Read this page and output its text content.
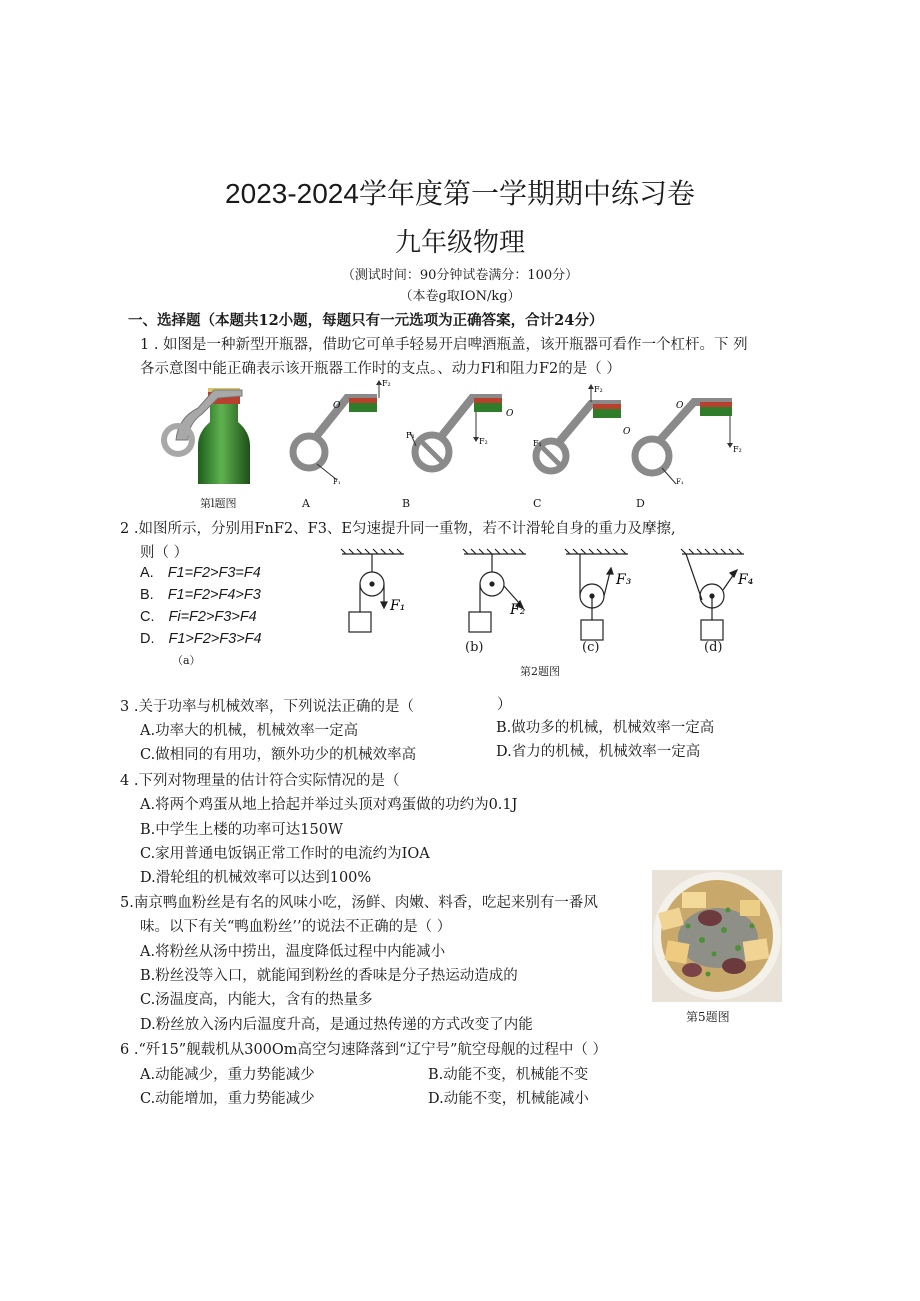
2023-2024学年度第一学期期中练习卷
九年级物理
（测试时间：90分钟试卷满分：100分）
（本卷g取ION/kg）
一、选择题（本题共12小题，每题只有一元选项为正确答案，合计24分）
1 . 如图是一种新型开瓶器，借助它可单手轻易开启啤酒瓶盖，该开瓶器可看作一个杠杆。下 列
各示意图中能正确表示该开瓶器工作时的支点。、动力Fl和阻力F2的是（ ）
第l题图
F₂
O
F₁
A
F₂
F₁
O
B
F₂
F₁
O
C
F₂
F₁
O
D
2 .如图所示，分别用FnF2、F3、E匀速提升同一重物，若不计滑轮自身的重力及摩擦,
则（ ）
A. F1=F2>F3=F4
B. F1=F2>F4>F3
C. Fi=F2>F3>F4
D. F1>F2>F3>F4
（a）
F₁	F₂
F₃	F₄
(b)	(c)	(d)
第2题图
3 .关于功率与机械效率，下列说法正确的是（	）
A.功率大的机械，机械效率一定高	B.做功多的机械，机械效率一定高
C.做相同的有用功，额外功少的机械效率高	D.省力的机械，机械效率一定高
4 .下列对物理量的估计符合实际情况的是（
A.将两个鸡蛋从地上拾起并举过头顶对鸡蛋做的功约为0.1J
B.中学生上楼的功率可达150W
C.家用普通电饭锅正常工作时的电流约为IOA
D.滑轮组的机械效率可以达到100%
5.南京鸭血粉丝是有名的风味小吃，汤鲜、肉嫩、料香，吃起来别有一番风
味。以下有关“鸭血粉丝’’的说法不正确的是（ ）
A.将粉丝从汤中捞出，温度降低过程中内能减小
B.粉丝没等入口，就能闻到粉丝的香味是分子热运动造成的
C.汤温度高，内能大，含有的热量多
D.粉丝放入汤内后温度升高，是通过热传递的方式改变了内能	第5题图
6 .“歼15”舰载机从300Om高空匀速降落到“辽宁号”航空母舰的过程中（ ）
A.动能减少，重力势能减少	B.动能不变，机械能不变
C.动能增加，重力势能减少	D.动能不变，机械能减小
